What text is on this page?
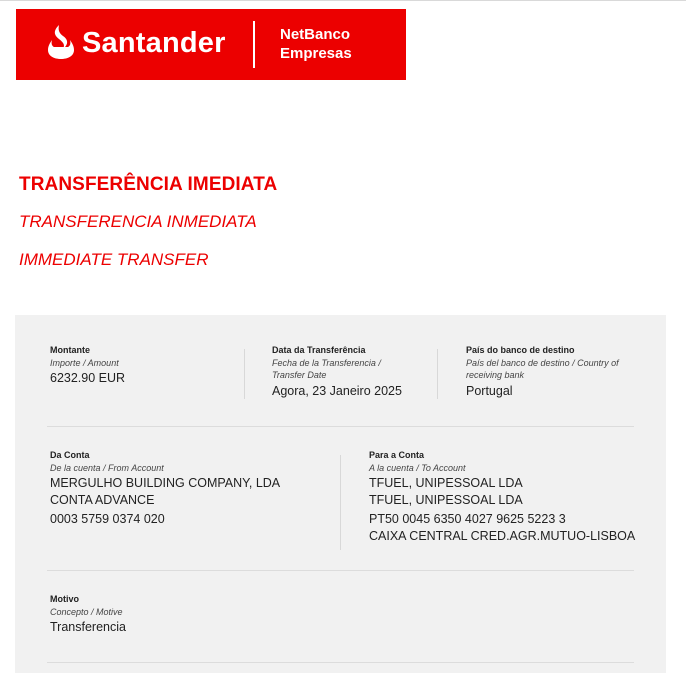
Santander	NetBanco
Empresas
TRANSFERÊNCIA IMEDIATA
TRANSFERENCIA INMEDIATA
IMMEDIATE TRANSFER
Montante
Importe / Amount
6232.90 EUR
Data da Transferência
Fecha de la Transferencia /
Transfer Date
Agora, 23 Janeiro 2025
País do banco de destino
País del banco de destino / Country of
receiving bank
Portugal
Da Conta
De la cuenta / From Account
MERGULHO BUILDING COMPANY, LDA
CONTA ADVANCE
0003 5759 0374 020
Para a Conta
A la cuenta / To Account
TFUEL, UNIPESSOAL LDA
TFUEL, UNIPESSOAL LDA
PT50 0045 6350 4027 9625 5223 3
CAIXA CENTRAL CRED.AGR.MUTUO-LISBOA
Motivo
Concepto / Motive
Transferencia
